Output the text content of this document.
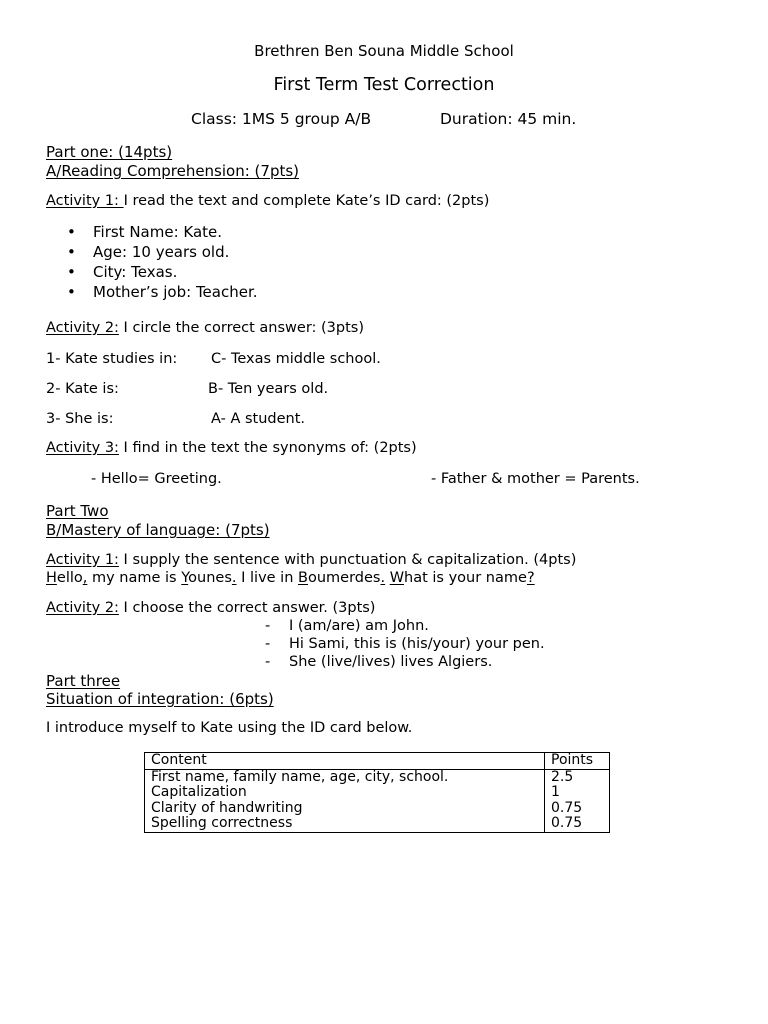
Brethren Ben Souna Middle School
First Term Test Correction
Class: 1MS 5 group A/B	Duration: 45 min.
Part one: (14pts)
A/Reading Comprehension: (7pts)
Activity 1: I read the text and complete Kate’s ID card: (2pts)
• First Name: Kate.
• Age: 10 years old.
• City: Texas.
• Mother’s job: Teacher.
Activity 2: I circle the correct answer: (3pts)
1- Kate studies in: C- Texas middle school.
2- Kate is:	B- Ten years old.
3- She is:	A- A student.
Activity 3: I find in the text the synonyms of: (2pts)
- Hello= Greeting.	- Father & mother = Parents.
Part Two
B/Mastery of language: (7pts)
Activity 1: I supply the sentence with punctuation & capitalization. (4pts)
Hello, my name is Younes. I live in Boumerdes. What is your name?
Activity 2: I choose the correct answer. (3pts)
- I (am/are) am John.
- Hi Sami, this is (his/your) your pen.
- She (live/lives) lives Algiers.
Part three
Situation of integration: (6pts)
I introduce myself to Kate using the ID card below.
Content	Points
First name, family name, age, city, school.	2.5
Capitalization	1
Clarity of handwriting	0.75
Spelling correctness	0.75
